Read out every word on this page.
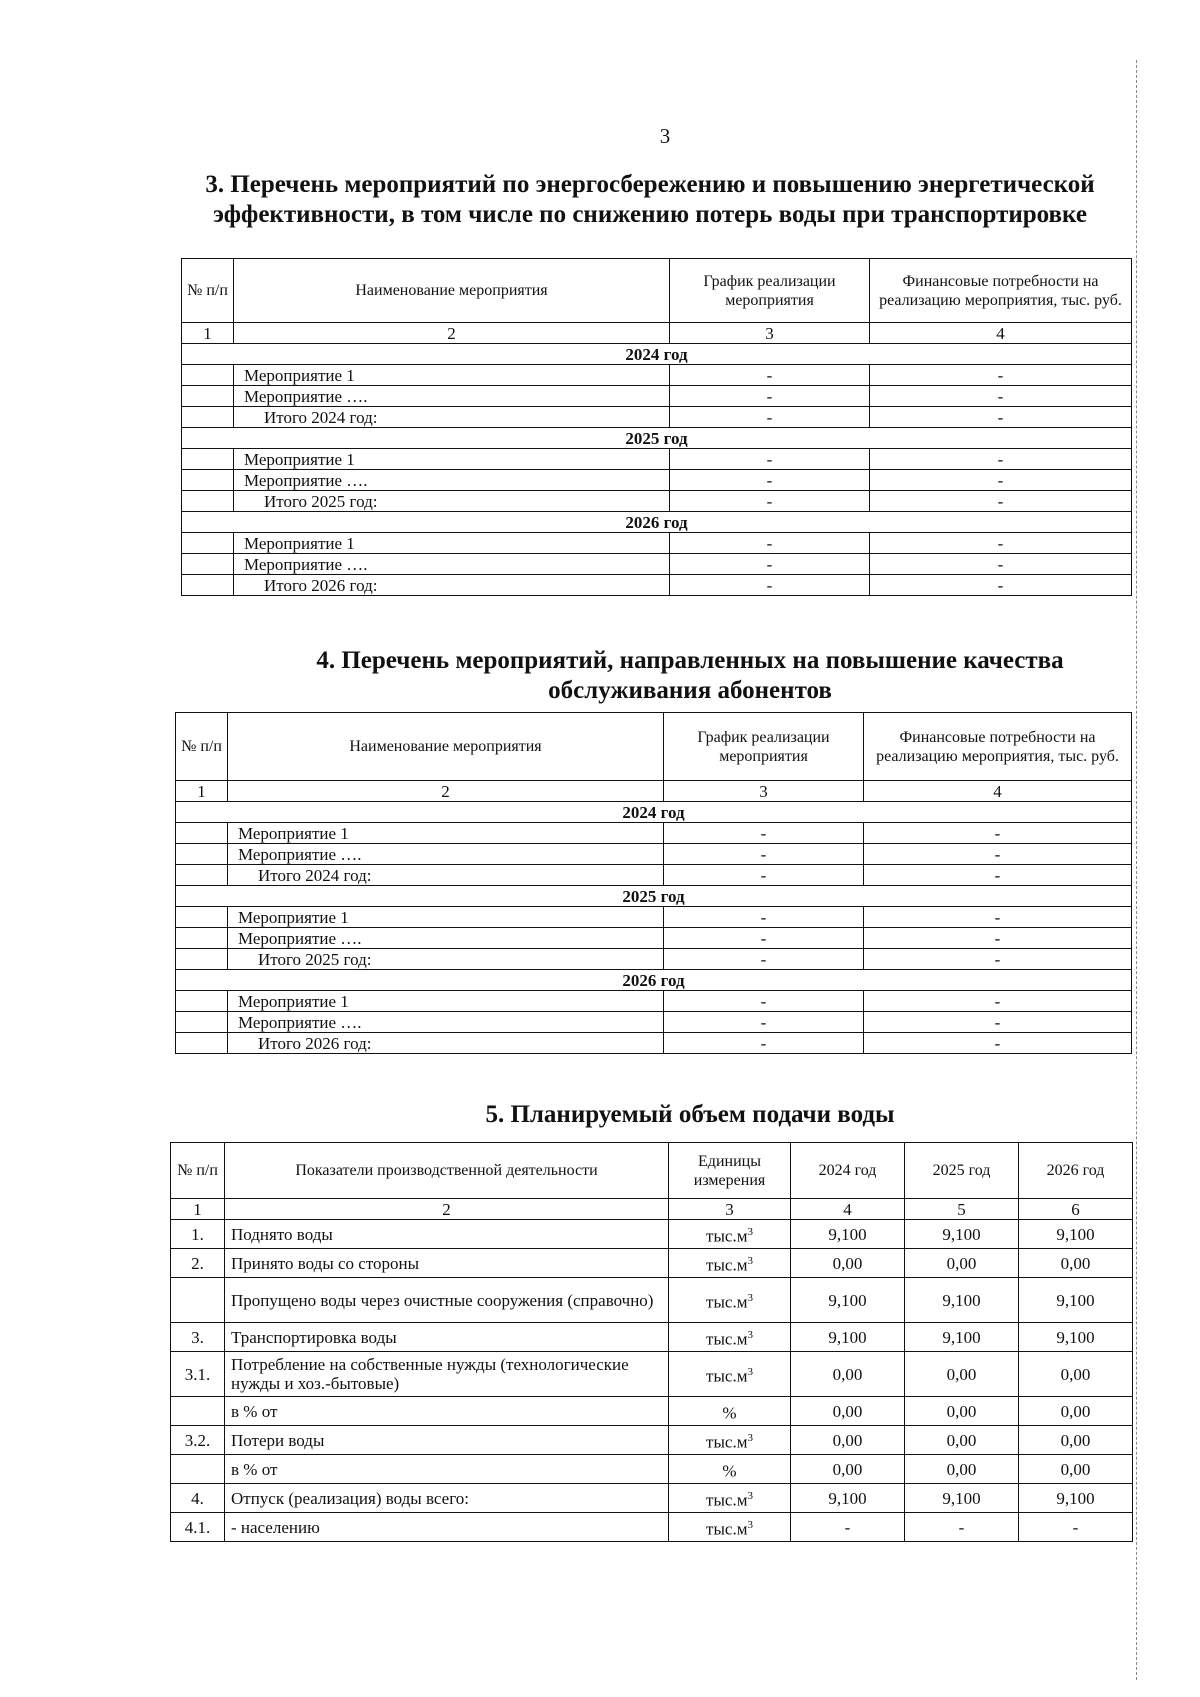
3
3. Перечень мероприятий по энергосбережению и повышению энергетической эффективности, в том числе по снижению потерь воды при транспортировке
№ п/п	Наименование мероприятия	График реализации мероприятия	Финансовые потребности на реализацию мероприятия, тыс. руб.
1	2	3	4
2024 год			
	Мероприятие 1	-	-
	Мероприятие ….	-	-
	Итого 2024 год:	-	-
2025 год			
	Мероприятие 1	-	-
	Мероприятие ….	-	-
	Итого 2025 год:	-	-
2026 год			
	Мероприятие 1	-	-
	Мероприятие ….	-	-
	Итого 2026 год:	-	-
4. Перечень мероприятий, направленных на повышение качества обслуживания абонентов
№ п/п	Наименование мероприятия	График реализации мероприятия	Финансовые потребности на реализацию мероприятия, тыс. руб.
1	2	3	4
2024 год			
	Мероприятие 1	-	-
	Мероприятие ….	-	-
	Итого 2024 год:	-	-
2025 год			
	Мероприятие 1	-	-
	Мероприятие ….	-	-
	Итого 2025 год:	-	-
2026 год			
	Мероприятие 1	-	-
	Мероприятие ….	-	-
	Итого 2026 год:	-	-
5. Планируемый объем подачи воды
№ п/п	Показатели производственной деятельности	Единицы измерения	2024 год	2025 год	2026 год
1	2	3	4	5	6
1.	Поднято воды	$тыс.м^3$	9,100	9,100	9,100
2.	Принято воды со стороны	$тыс.м^3$	0,00	0,00	0,00
	Пропущено воды через очистные сооружения (справочно)	$тыс.м^3$	9,100	9,100	9,100
3.	Транспортировка воды	$тыс.м^3$	9,100	9,100	9,100
3.1.	Потребление на собственные нужды (технологические нужды и хоз.-бытовые)	$тыс.м^3$	0,00	0,00	0,00
	в % от	%	0,00	0,00	0,00
3.2.	Потери воды	$тыс.м^3$	0,00	0,00	0,00
	в % от	%	0,00	0,00	0,00
4.	Отпуск (реализация) воды всего:	$тыс.м^3$	9,100	9,100	9,100
4.1.	- населению	$тыс.м^3$	-	-	-
